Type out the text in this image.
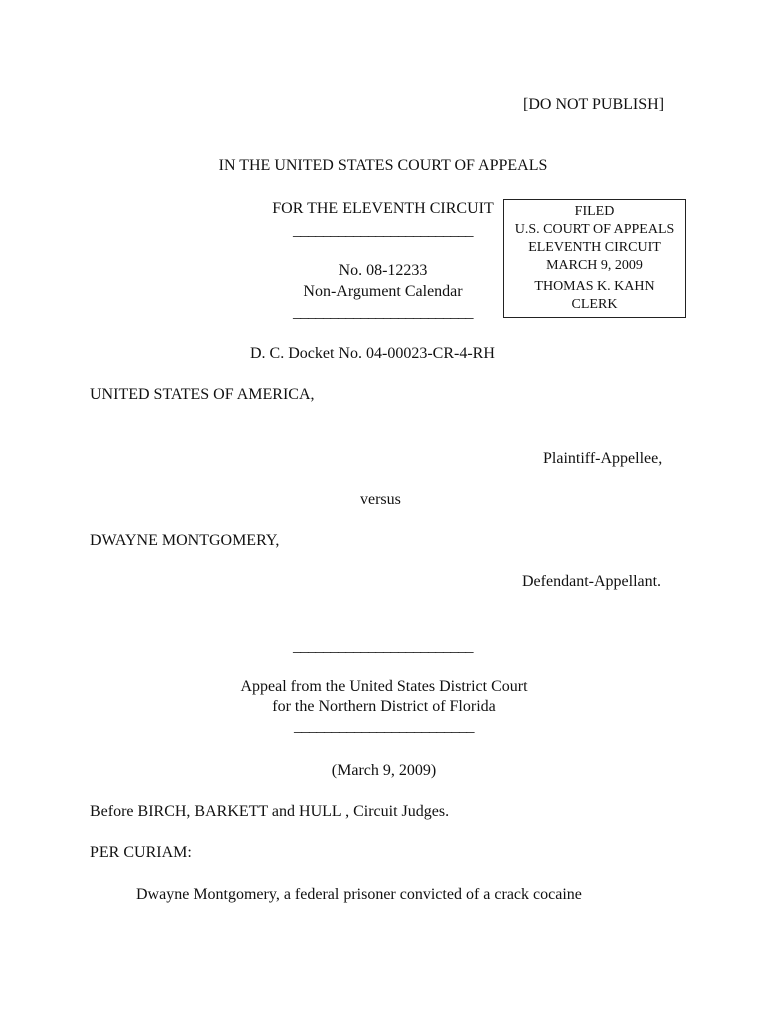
[DO NOT PUBLISH]
IN THE UNITED STATES COURT OF APPEALS
FOR THE ELEVENTH CIRCUIT
________________________
No. 08-12233
Non-Argument Calendar
________________________
FILED
U.S. COURT OF APPEALS
ELEVENTH CIRCUIT
MARCH 9, 2009
THOMAS K. KAHN
CLERK
D. C. Docket No. 04-00023-CR-4-RH
UNITED STATES OF AMERICA,
Plaintiff-Appellee,
versus
DWAYNE MONTGOMERY,
Defendant-Appellant.
________________________
Appeal from the United States District Court
for the Northern District of Florida
________________________
(March 9, 2009)
Before BIRCH, BARKETT and HULL , Circuit Judges.
PER CURIAM:
Dwayne Montgomery, a federal prisoner convicted of a crack cocaine
